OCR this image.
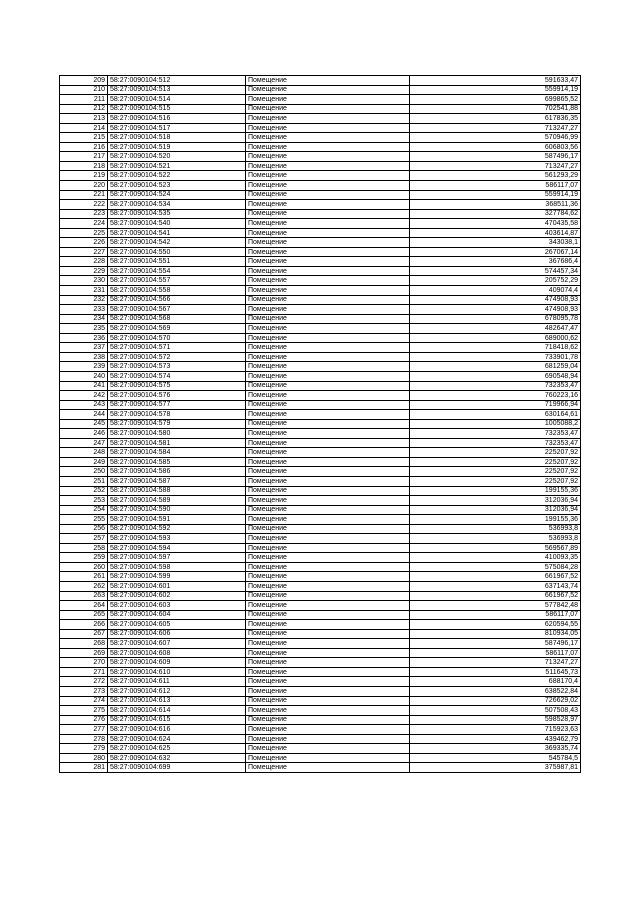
209	58:27:0090104:512	Помещение	591633,47
210	58:27:0090104:513	Помещение	559914,19
211	58:27:0090104:514	Помещение	699865,52
212	58:27:0090104:515	Помещение	702541,88
213	58:27:0090104:516	Помещение	617836,35
214	58:27:0090104:517	Помещение	713247,27
215	58:27:0090104:518	Помещение	570946,99
216	58:27:0090104:519	Помещение	606803,56
217	58:27:0090104:520	Помещение	587496,17
218	58:27:0090104:521	Помещение	713247,27
219	58:27:0090104:522	Помещение	561293,29
220	58:27:0090104:523	Помещение	586117,07
221	58:27:0090104:524	Помещение	559914,19
222	58:27:0090104:534	Помещение	368511,36
223	58:27:0090104:535	Помещение	327784,62
224	58:27:0090104:540	Помещение	470435,58
225	58:27:0090104:541	Помещение	403614,87
226	58:27:0090104:542	Помещение	343038,1
227	58:27:0090104:550	Помещение	267067,14
228	58:27:0090104:551	Помещение	367686,4
229	58:27:0090104:554	Помещение	574457,34
230	58:27:0090104:557	Помещение	205752,29
231	58:27:0090104:558	Помещение	409074,4
232	58:27:0090104:566	Помещение	474908,93
233	58:27:0090104:567	Помещение	474908,93
234	58:27:0090104:568	Помещение	678095,78
235	58:27:0090104:569	Помещение	482647,47
236	58:27:0090104:570	Помещение	689000,62
237	58:27:0090104:571	Помещение	718418,62
238	58:27:0090104:572	Помещение	733901,78
239	58:27:0090104:573	Помещение	681259,04
240	58:27:0090104:574	Помещение	690548,94
241	58:27:0090104:575	Помещение	732353,47
242	58:27:0090104:576	Помещение	760223,16
243	58:27:0090104:577	Помещение	719966,94
244	58:27:0090104:578	Помещение	630164,61
245	58:27:0090104:579	Помещение	1005088,2
246	58:27:0090104:580	Помещение	732353,47
247	58:27:0090104:581	Помещение	732353,47
248	58:27:0090104:584	Помещение	225207,92
249	58:27:0090104:585	Помещение	225207,92
250	58:27:0090104:586	Помещение	225207,92
251	58:27:0090104:587	Помещение	225207,92
252	58:27:0090104:588	Помещение	199155,36
253	58:27:0090104:589	Помещение	312036,94
254	58:27:0090104:590	Помещение	312036,94
255	58:27:0090104:591	Помещение	199155,36
256	58:27:0090104:592	Помещение	536993,8
257	58:27:0090104:593	Помещение	536993,8
258	58:27:0090104:594	Помещение	569567,89
259	58:27:0090104:597	Помещение	410093,35
260	58:27:0090104:598	Помещение	575084,28
261	58:27:0090104:599	Помещение	661967,52
262	58:27:0090104:601	Помещение	637143,74
263	58:27:0090104:602	Помещение	661967,52
264	58:27:0090104:603	Помещение	577842,48
265	58:27:0090104:604	Помещение	586117,07
266	58:27:0090104:605	Помещение	620594,55
267	58:27:0090104:606	Помещение	810934,05
268	58:27:0090104:607	Помещение	587496,17
269	58:27:0090104:608	Помещение	586117,07
270	58:27:0090104:609	Помещение	713247,27
271	58:27:0090104:610	Помещение	511645,73
272	58:27:0090104:611	Помещение	688170,4
273	58:27:0090104:612	Помещение	638522,84
274	58:27:0090104:613	Помещение	726629,02
275	58:27:0090104:614	Помещение	507508,43
276	58:27:0090104:615	Помещение	598528,97
277	58:27:0090104:616	Помещение	715923,63
278	58:27:0090104:624	Помещение	439462,79
279	58:27:0090104:625	Помещение	369335,74
280	58:27:0090104:632	Помещение	545784,5
281	58:27:0090104:699	Помещение	375987,81
